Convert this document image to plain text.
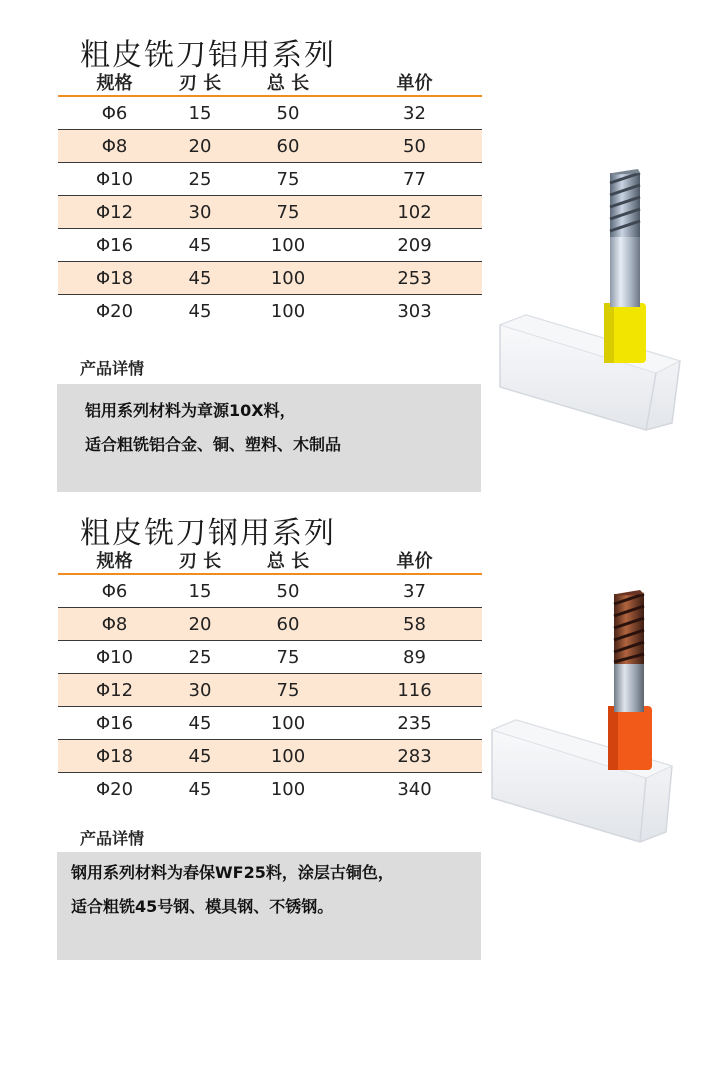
粗皮铣刀铝用系列
规格	刃 长	总 长	单价
Φ6	15	50	32
Φ8	20	60	50
Φ10	25	75	77
Φ12	30	75	102
Φ16	45	100	209
Φ18	45	100	253
Φ20	45	100	303
产品详情

铝用系列材料为章源10X料，

适合粗铣铝合金、铜、塑料、木制品

粗皮铣刀钢用系列
规格	刃 长	总 长	单价
Φ6	15	50	37
Φ8	20	60	58
Φ10	25	75	89
Φ12	30	75	116
Φ16	45	100	235
Φ18	45	100	283
Φ20	45	100	340
产品详情

钢用系列材料为春保WF25料，涂层古铜色，

适合粗铣45号钢、模具钢、不锈钢。
